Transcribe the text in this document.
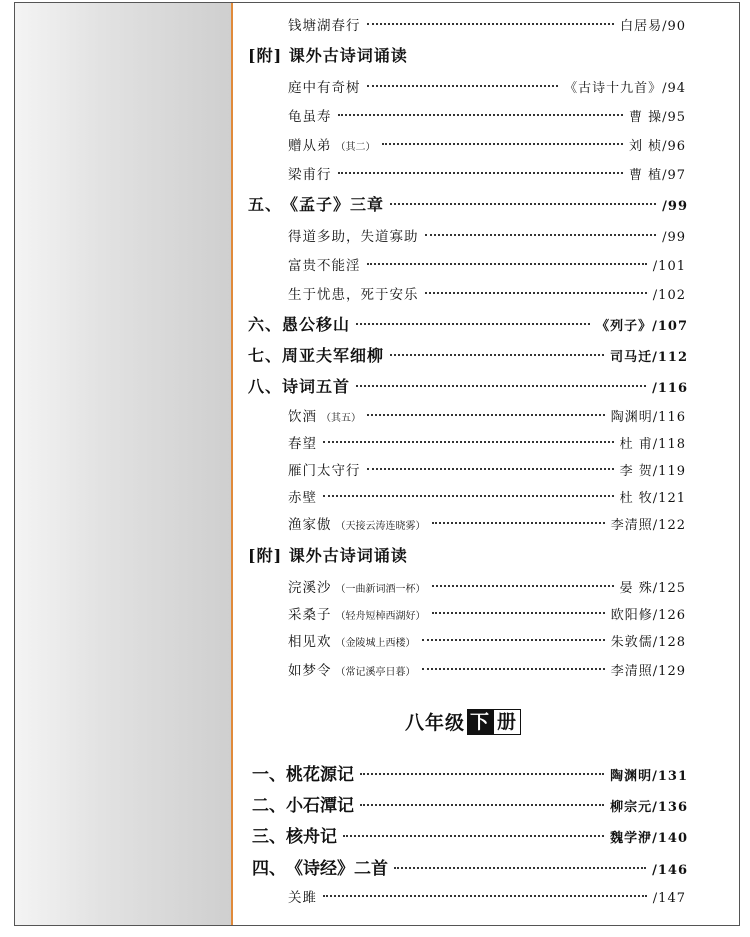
钱塘湖春行	白居易 /90
[附] 课外古诗词诵读
庭中有奇树	《古诗十九首》 /94
龟虽寿	曹 操 /95
赠从弟 （其二）	刘 桢 /96
梁甫行	曹 植 /97
五、 《孟子》三章	/99
得道多助，失道寡助	/99
富贵不能淫	/101
生于忧患，死于安乐	/102
六、 愚公移山	《列子》 /107
七、 周亚夫军细柳	司马迁 /112
八、 诗词五首	/116
饮酒 （其五）	陶渊明 /116
春望	杜 甫 /118
雁门太守行	李 贺 /119
赤壁	杜 牧 /121
渔家傲 （天接云涛连晓雾）	李清照 /122
[附] 课外古诗词诵读
浣溪沙 （一曲新词酒一杯）	晏 殊 /125
采桑子 （轻舟短棹西湖好）	欧阳修 /126
相见欢 （金陵城上西楼）	朱敦儒 /128
如梦令 （常记溪亭日暮）	李清照 /129
八年级 下 册
一、 桃花源记	陶渊明 /131
二、 小石潭记	柳宗元 /136
三、 核舟记	魏学洢 /140
四、 《诗经》二首	/146
关雎	/147
